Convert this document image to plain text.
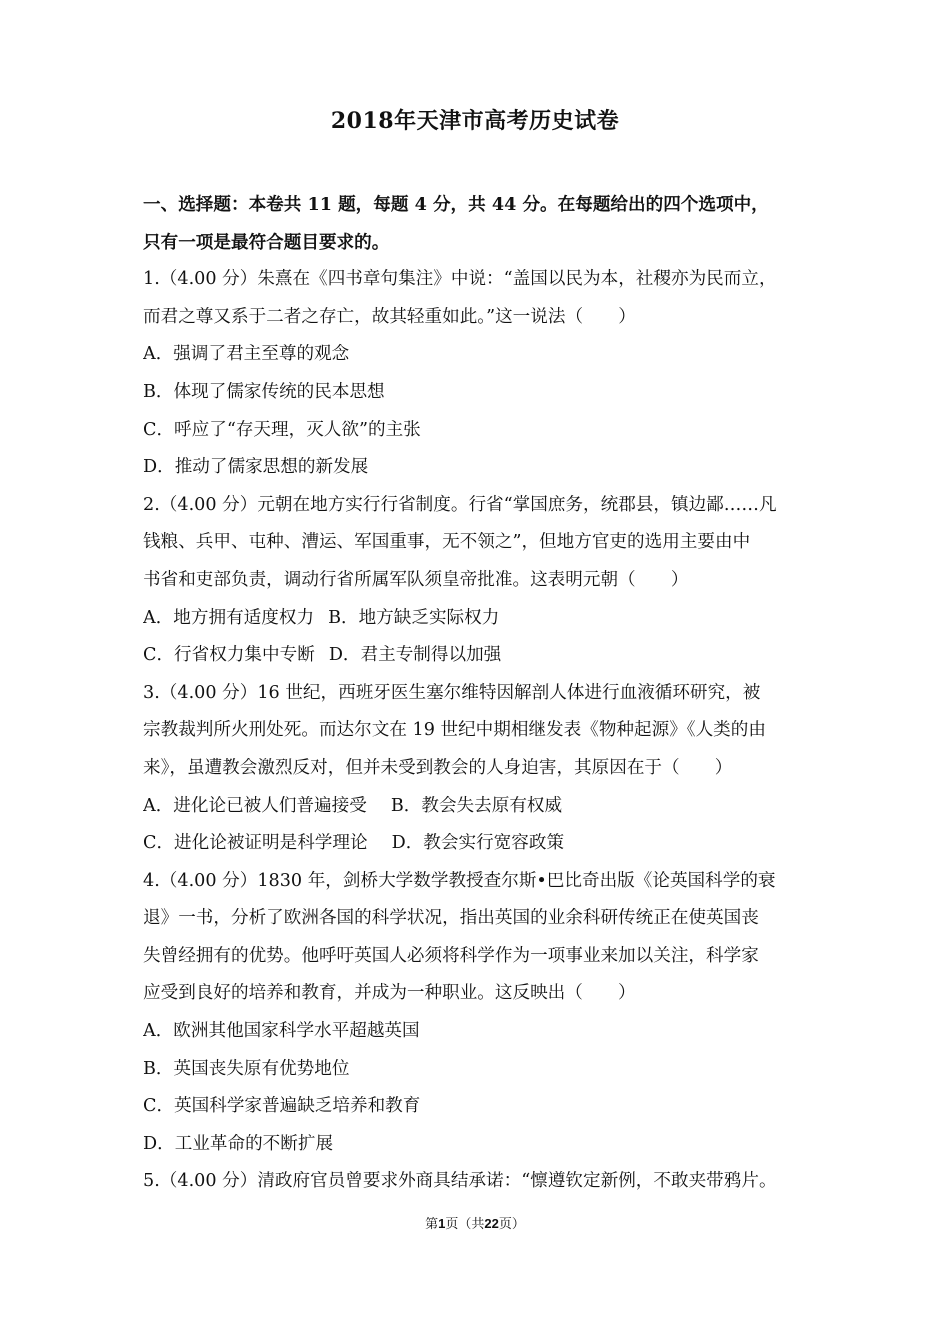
2018年天津市高考历史试卷
一、选择题：本卷共 11 题，每题 4 分，共 44 分。在每题给出的四个选项中，
只有一项是最符合题目要求的。
1.（4.00 分）朱熹在《四书章句集注》中说：“盖国以民为本，社稷亦为民而立，
而君之尊又系于二者之存亡，故其轻重如此。”这一说法（　　）
A．强调了君主至尊的观念
B．体现了儒家传统的民本思想
C．呼应了“存天理，灭人欲”的主张
D．推动了儒家思想的新发展
2.（4.00 分）元朝在地方实行行省制度。行省“掌国庶务，统郡县，镇边鄙……凡
钱粮、兵甲、屯种、漕运、军国重事，无不领之”，但地方官吏的选用主要由中
书省和吏部负责，调动行省所属军队须皇帝批准。这表明元朝（　　）
A．地方拥有适度权力 B．地方缺乏实际权力
C．行省权力集中专断 D．君主专制得以加强
3.（4.00 分）16 世纪，西班牙医生塞尔维特因解剖人体进行血液循环研究，被
宗教裁判所火刑处死。而达尔文在 19 世纪中期相继发表《物种起源》《人类的由
来》，虽遭教会激烈反对，但并未受到教会的人身迫害，其原因在于（　　）
A．进化论已被人们普遍接受 B．教会失去原有权威
C．进化论被证明是科学理论 D．教会实行宽容政策
4.（4.00 分）1830 年，剑桥大学数学教授查尔斯•巴比奇出版《论英国科学的衰
退》一书，分析了欧洲各国的科学状况，指出英国的业余科研传统正在使英国丧
失曾经拥有的优势。他呼吁英国人必须将科学作为一项事业来加以关注，科学家
应受到良好的培养和教育，并成为一种职业。这反映出（　　）
A．欧洲其他国家科学水平超越英国
B．英国丧失原有优势地位
C．英国科学家普遍缺乏培养和教育
D．工业革命的不断扩展
5.（4.00 分）清政府官员曾要求外商具结承诺：“懔遵钦定新例，不敢夹带鸦片。
第1页（共22页）
